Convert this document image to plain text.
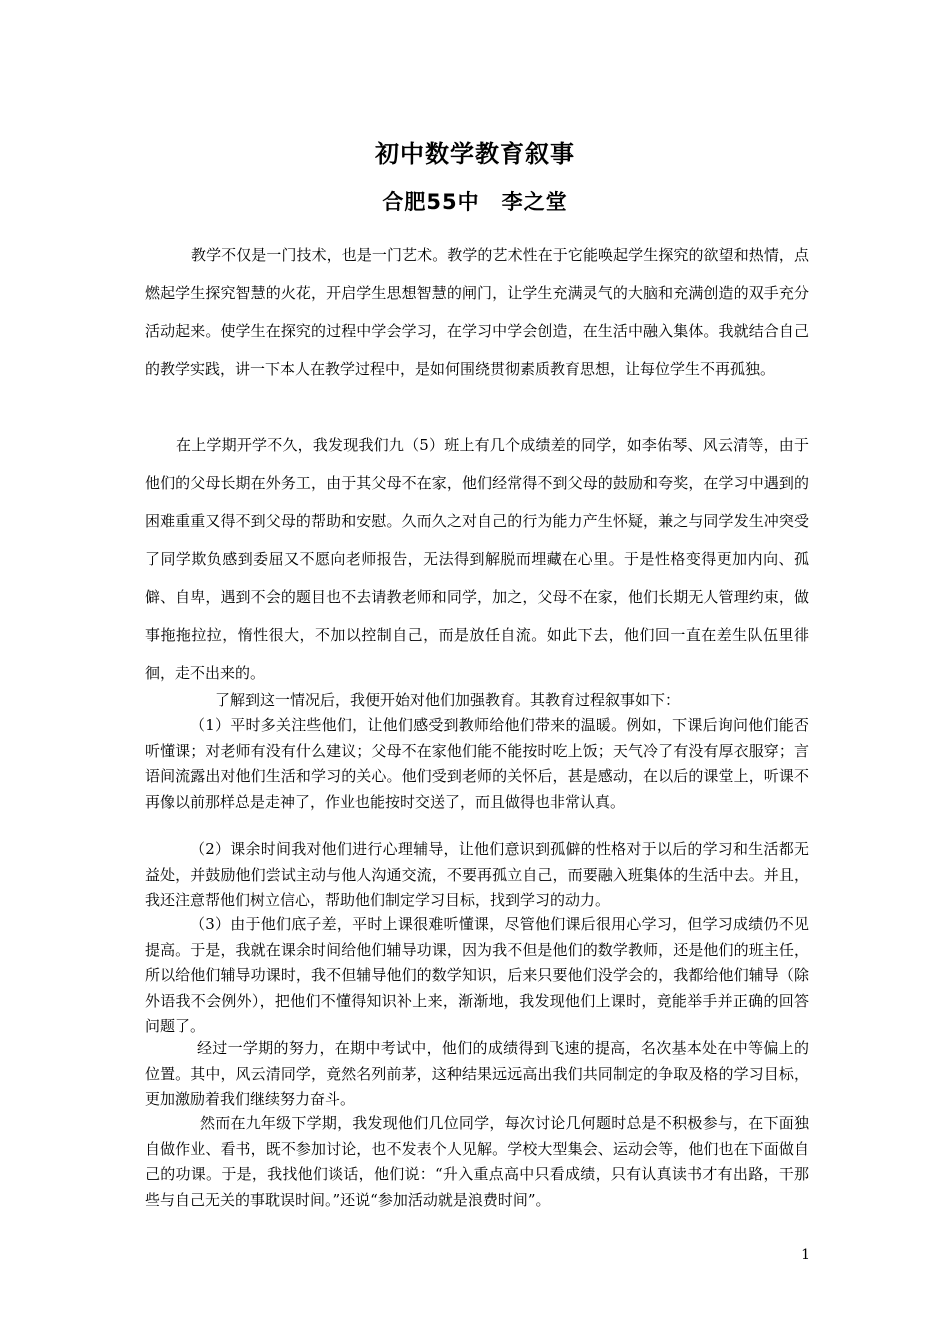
初中数学教育叙事
合肥55中　李之堂

教学不仅是一门技术，也是一门艺术。教学的艺术性在于它能唤起学生探究的欲望和热情，点燃起学生探究智慧的火花，开启学生思想智慧的闸门，让学生充满灵气的大脑和充满创造的双手充分活动起来。使学生在探究的过程中学会学习，在学习中学会创造，在生活中融入集体。我就结合自己的教学实践，讲一下本人在教学过程中，是如何围绕贯彻素质教育思想，让每位学生不再孤独。

在上学期开学不久，我发现我们九（5）班上有几个成绩差的同学，如李佑琴、风云清等，由于他们的父母长期在外务工，由于其父母不在家，他们经常得不到父母的鼓励和夸奖，在学习中遇到的困难重重又得不到父母的帮助和安慰。久而久之对自己的行为能力产生怀疑，兼之与同学发生冲突受了同学欺负感到委屈又不愿向老师报告，无法得到解脱而埋藏在心里。于是性格变得更加内向、孤僻、自卑，遇到不会的题目也不去请教老师和同学，加之，父母不在家，他们长期无人管理约束，做事拖拖拉拉，惰性很大，不加以控制自己，而是放任自流。如此下去，他们回一直在差生队伍里徘徊，走不出来的。

了解到这一情况后，我便开始对他们加强教育。其教育过程叙事如下：

（1）平时多关注些他们，让他们感受到教师给他们带来的温暖。例如，下课后询问他们能否听懂课；对老师有没有什么建议；父母不在家他们能不能按时吃上饭；天气冷了有没有厚衣服穿；言语间流露出对他们生活和学习的关心。他们受到老师的关怀后，甚是感动，在以后的课堂上，听课不再像以前那样总是走神了，作业也能按时交送了，而且做得也非常认真。

（2）课余时间我对他们进行心理辅导，让他们意识到孤僻的性格对于以后的学习和生活都无益处，并鼓励他们尝试主动与他人沟通交流，不要再孤立自己，而要融入班集体的生活中去。并且，我还注意帮他们树立信心，帮助他们制定学习目标，找到学习的动力。

（3）由于他们底子差，平时上课很难听懂课，尽管他们课后很用心学习，但学习成绩仍不见提高。于是，我就在课余时间给他们辅导功课，因为我不但是他们的数学教师，还是他们的班主任，所以给他们辅导功课时，我不但辅导他们的数学知识，后来只要他们没学会的，我都给他们辅导（除外语我不会例外），把他们不懂得知识补上来，渐渐地，我发现他们上课时，竟能举手并正确的回答问题了。

经过一学期的努力，在期中考试中，他们的成绩得到飞速的提高，名次基本处在中等偏上的位置。其中，风云清同学，竟然名列前茅，这种结果远远高出我们共同制定的争取及格的学习目标，更加激励着我们继续努力奋斗。

然而在九年级下学期，我发现他们几位同学，每次讨论几何题时总是不积极参与，在下面独自做作业、看书，既不参加讨论，也不发表个人见解。学校大型集会、运动会等，他们也在下面做自己的功课。于是，我找他们谈话，他们说：“升入重点高中只看成绩，只有认真读书才有出路，干那些与自己无关的事耽误时间。”还说“参加活动就是浪费时间”。

1
